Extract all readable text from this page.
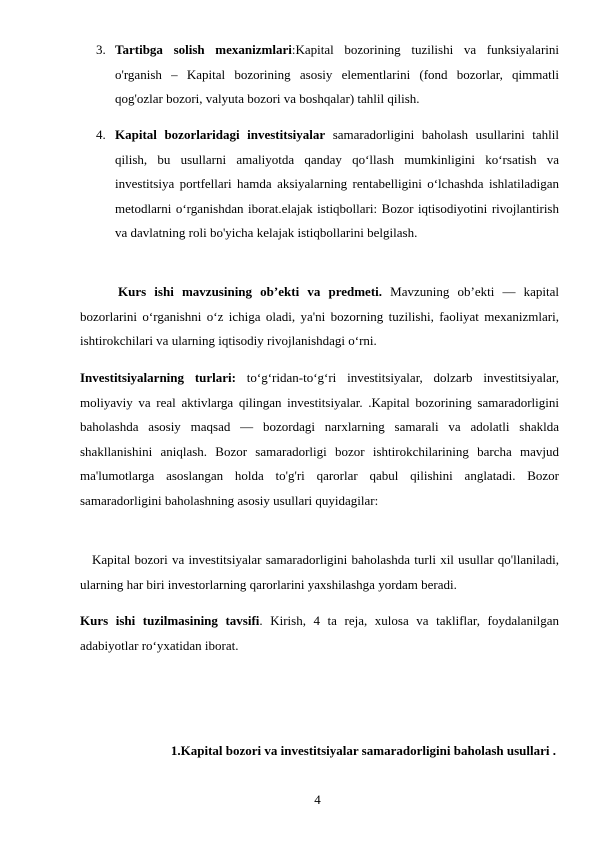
3. Tartibga solish mexanizmlari:Kapital bozorining tuzilishi va funksiyalarini o'rganish – Kapital bozorining asosiy elementlarini (fond bozorlar, qimmatli qog'ozlar bozori, valyuta bozori va boshqalar) tahlil qilish.
4. Kapital bozorlaridagi investitsiyalar samaradorligini baholash usullarini tahlil qilish, bu usullarni amaliyotda qanday qo‘llash mumkinligini ko‘rsatish va investitsiya portfellari hamda aksiyalarning rentabelligini o‘lchashda ishlatiladigan metodlarni o‘rganishdan iborat.elajak istiqbollari: Bozor iqtisodiyotini rivojlantirish va davlatning roli bo'yicha kelajak istiqbollarini belgilash.

Kurs ishi mavzusining ob’ekti va predmeti. Mavzuning ob’ekti — kapital bozorlarini o‘rganishni o‘z ichiga oladi, ya'ni bozorning tuzilishi, faoliyat mexanizmlari, ishtirokchilari va ularning iqtisodiy rivojlanishdagi o‘rni.

Investitsiyalarning turlari: to‘g‘ridan-to‘g‘ri investitsiyalar, dolzarb investitsiyalar, moliyaviy va real aktivlarga qilingan investitsiyalar. .Kapital bozorining samaradorligini baholashda asosiy maqsad — bozordagi narxlarning samarali va adolatli shaklda shakllanishini aniqlash. Bozor samaradorligi bozor ishtirokchilarining barcha mavjud ma'lumotlarga asoslangan holda to'g'ri qarorlar qabul qilishini anglatadi. Bozor samaradorligini baholashning asosiy usullari quyidagilar:

Kapital bozori va investitsiyalar samaradorligini baholashda turli xil usullar qo'llaniladi, ularning har biri investorlarning qarorlarini yaxshilashga yordam beradi.

Kurs ishi tuzilmasining tavsifi. Kirish, 4 ta reja, xulosa va takliflar, foydalanilgan adabiyotlar ro‘yxatidan iborat.

1.Kapital bozori va investitsiyalar samaradorligini baholash usullari .
4
